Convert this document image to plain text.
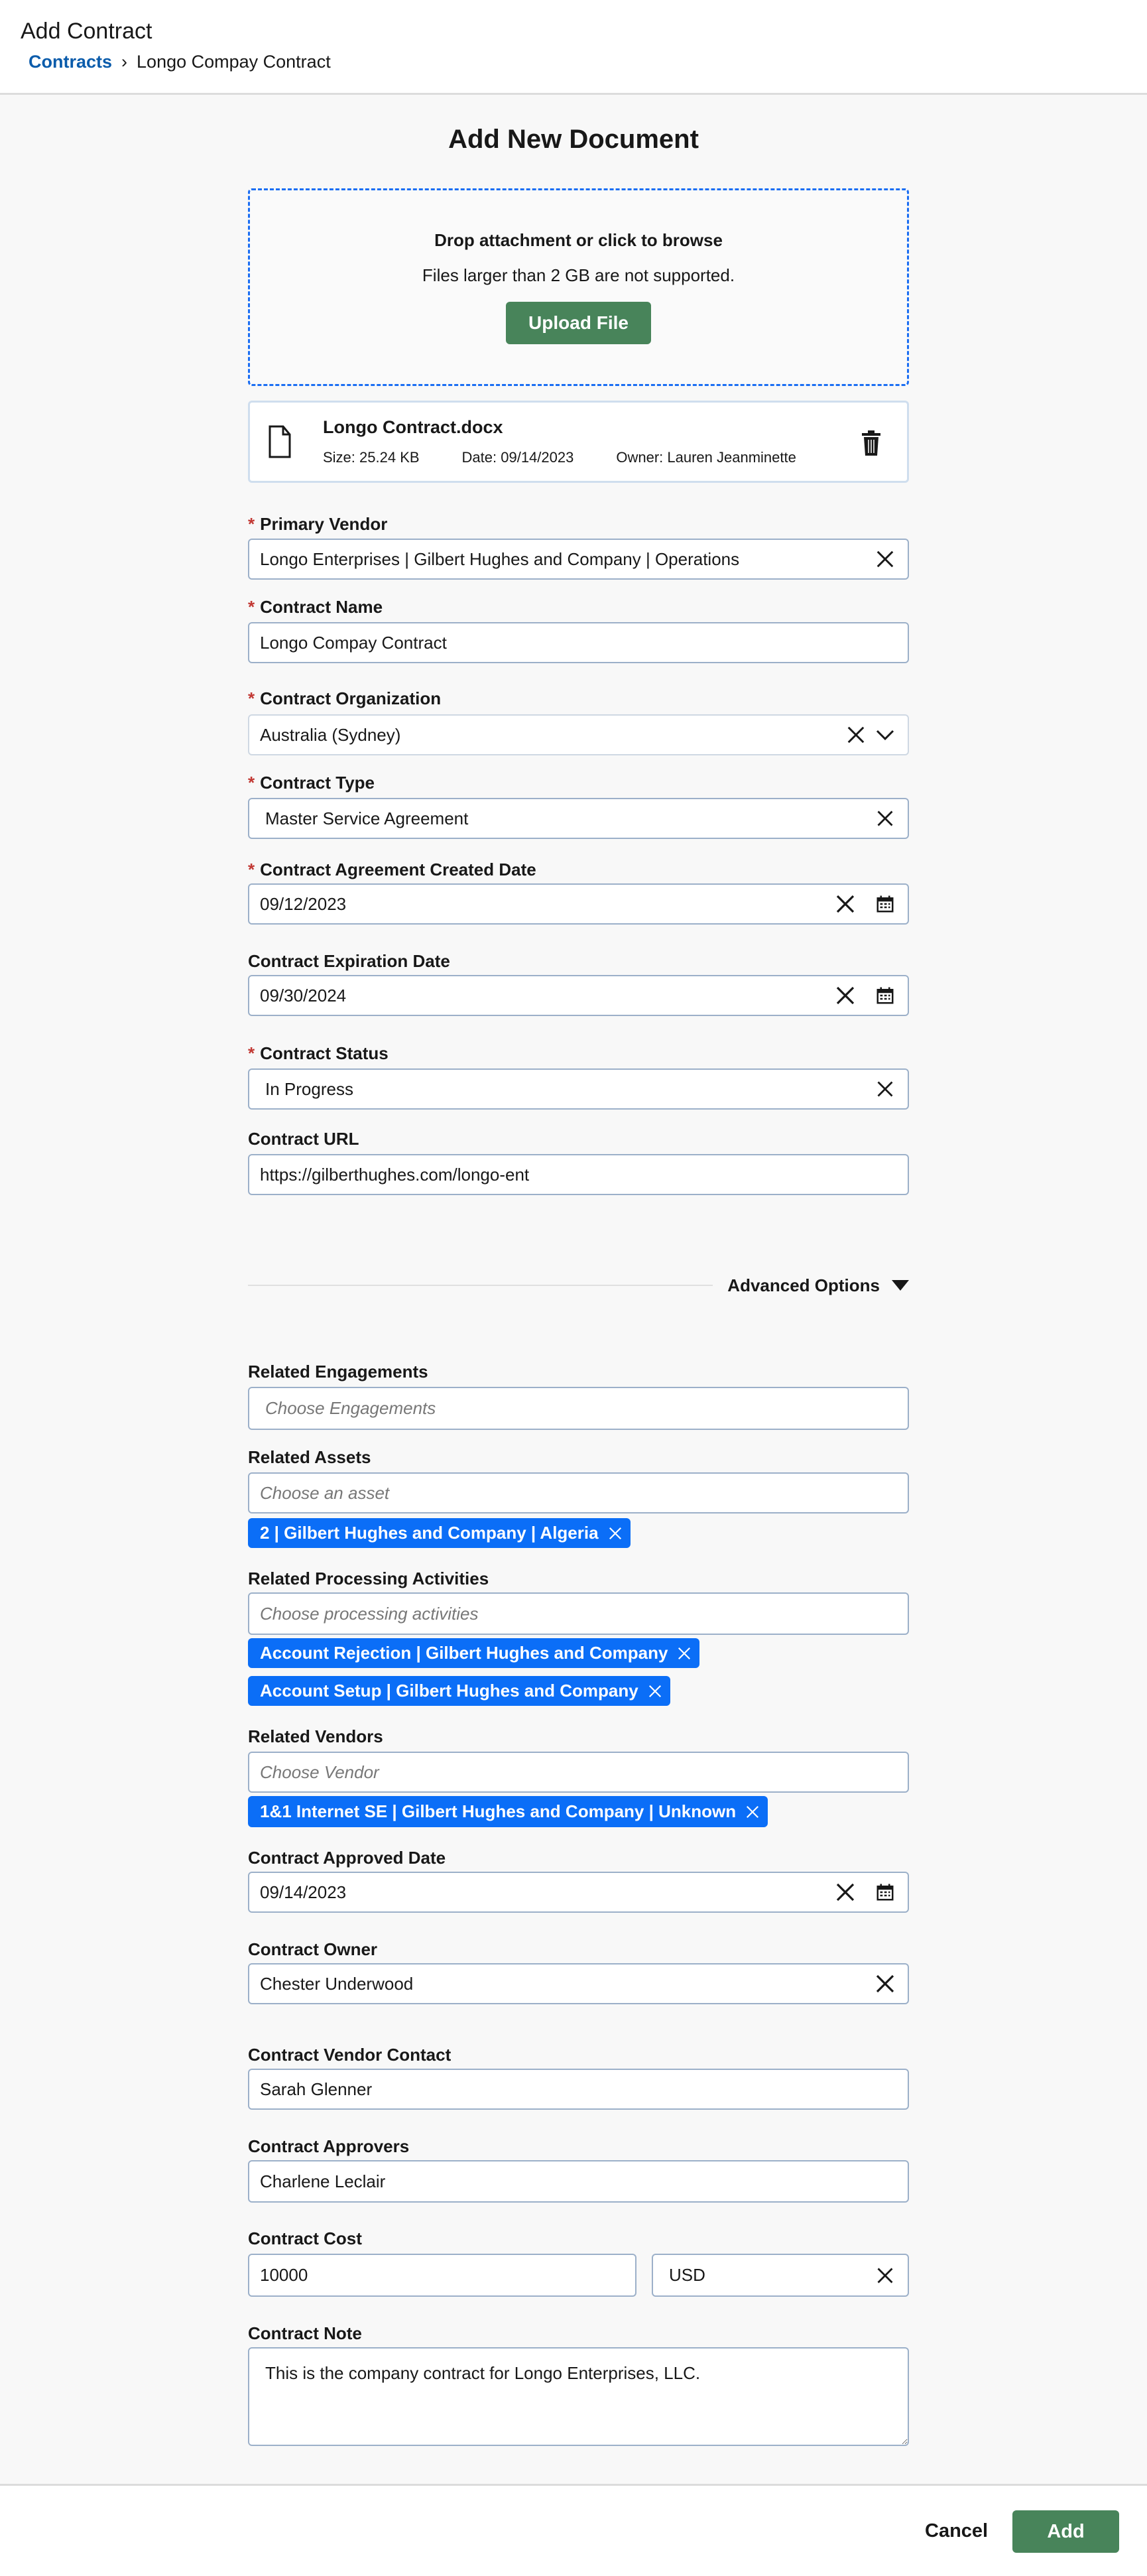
Add Contract
Contracts › Longo Compay Contract
Add New Document
Drop attachment or click to browse
Files larger than 2 GB are not supported.
Upload File
Longo Contract.docx
Size: 25.24 KB	Date: 09/14/2023	Owner: Lauren Jeanminette
* Primary Vendor
Longo Enterprises | Gilbert Hughes and Company | Operations
* Contract Name
Longo Compay Contract
* Contract Organization
Australia (Sydney)
* Contract Type
Master Service Agreement
* Contract Agreement Created Date
09/12/2023
Contract Expiration Date
09/30/2024
* Contract Status
In Progress
Contract URL
https://gilberthughes.com/longo-ent
Advanced Options
Related Engagements
Choose Engagements
Related Assets
Choose an asset
2 | Gilbert Hughes and Company | Algeria
Related Processing Activities
Choose processing activities
Account Rejection | Gilbert Hughes and Company
Account Setup | Gilbert Hughes and Company
Related Vendors
Choose Vendor
1&1 Internet SE | Gilbert Hughes and Company | Unknown
Contract Approved Date
09/14/2023
Contract Owner
Chester Underwood
Contract Vendor Contact
Sarah Glenner
Contract Approvers
Charlene Leclair
Contract Cost
10000	USD
Contract Note
This is the company contract for Longo Enterprises, LLC.
Cancel	Add
